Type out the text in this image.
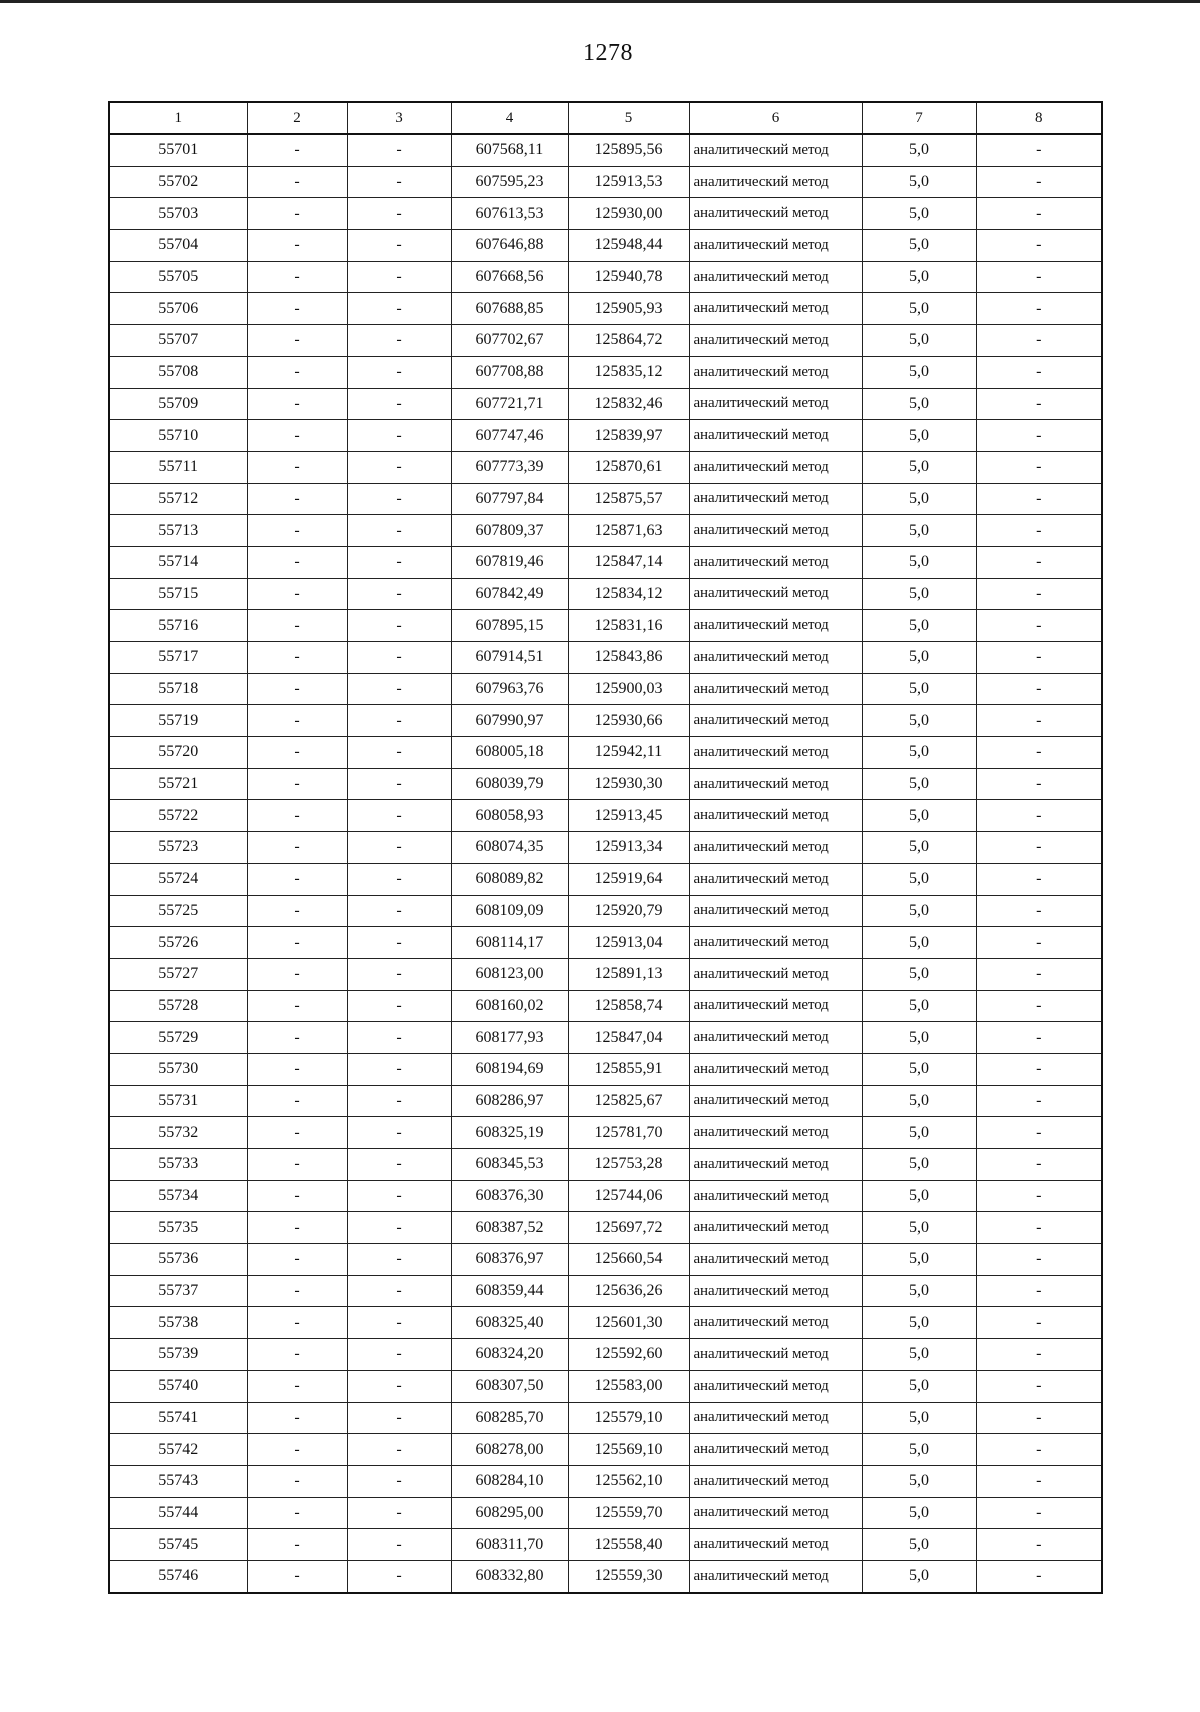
1278
1	2	3	4	5	6	7	8
55701	-	-	607568,11	125895,56	аналитический метод	5,0	-
55702	-	-	607595,23	125913,53	аналитический метод	5,0	-
55703	-	-	607613,53	125930,00	аналитический метод	5,0	-
55704	-	-	607646,88	125948,44	аналитический метод	5,0	-
55705	-	-	607668,56	125940,78	аналитический метод	5,0	-
55706	-	-	607688,85	125905,93	аналитический метод	5,0	-
55707	-	-	607702,67	125864,72	аналитический метод	5,0	-
55708	-	-	607708,88	125835,12	аналитический метод	5,0	-
55709	-	-	607721,71	125832,46	аналитический метод	5,0	-
55710	-	-	607747,46	125839,97	аналитический метод	5,0	-
55711	-	-	607773,39	125870,61	аналитический метод	5,0	-
55712	-	-	607797,84	125875,57	аналитический метод	5,0	-
55713	-	-	607809,37	125871,63	аналитический метод	5,0	-
55714	-	-	607819,46	125847,14	аналитический метод	5,0	-
55715	-	-	607842,49	125834,12	аналитический метод	5,0	-
55716	-	-	607895,15	125831,16	аналитический метод	5,0	-
55717	-	-	607914,51	125843,86	аналитический метод	5,0	-
55718	-	-	607963,76	125900,03	аналитический метод	5,0	-
55719	-	-	607990,97	125930,66	аналитический метод	5,0	-
55720	-	-	608005,18	125942,11	аналитический метод	5,0	-
55721	-	-	608039,79	125930,30	аналитический метод	5,0	-
55722	-	-	608058,93	125913,45	аналитический метод	5,0	-
55723	-	-	608074,35	125913,34	аналитический метод	5,0	-
55724	-	-	608089,82	125919,64	аналитический метод	5,0	-
55725	-	-	608109,09	125920,79	аналитический метод	5,0	-
55726	-	-	608114,17	125913,04	аналитический метод	5,0	-
55727	-	-	608123,00	125891,13	аналитический метод	5,0	-
55728	-	-	608160,02	125858,74	аналитический метод	5,0	-
55729	-	-	608177,93	125847,04	аналитический метод	5,0	-
55730	-	-	608194,69	125855,91	аналитический метод	5,0	-
55731	-	-	608286,97	125825,67	аналитический метод	5,0	-
55732	-	-	608325,19	125781,70	аналитический метод	5,0	-
55733	-	-	608345,53	125753,28	аналитический метод	5,0	-
55734	-	-	608376,30	125744,06	аналитический метод	5,0	-
55735	-	-	608387,52	125697,72	аналитический метод	5,0	-
55736	-	-	608376,97	125660,54	аналитический метод	5,0	-
55737	-	-	608359,44	125636,26	аналитический метод	5,0	-
55738	-	-	608325,40	125601,30	аналитический метод	5,0	-
55739	-	-	608324,20	125592,60	аналитический метод	5,0	-
55740	-	-	608307,50	125583,00	аналитический метод	5,0	-
55741	-	-	608285,70	125579,10	аналитический метод	5,0	-
55742	-	-	608278,00	125569,10	аналитический метод	5,0	-
55743	-	-	608284,10	125562,10	аналитический метод	5,0	-
55744	-	-	608295,00	125559,70	аналитический метод	5,0	-
55745	-	-	608311,70	125558,40	аналитический метод	5,0	-
55746	-	-	608332,80	125559,30	аналитический метод	5,0	-
